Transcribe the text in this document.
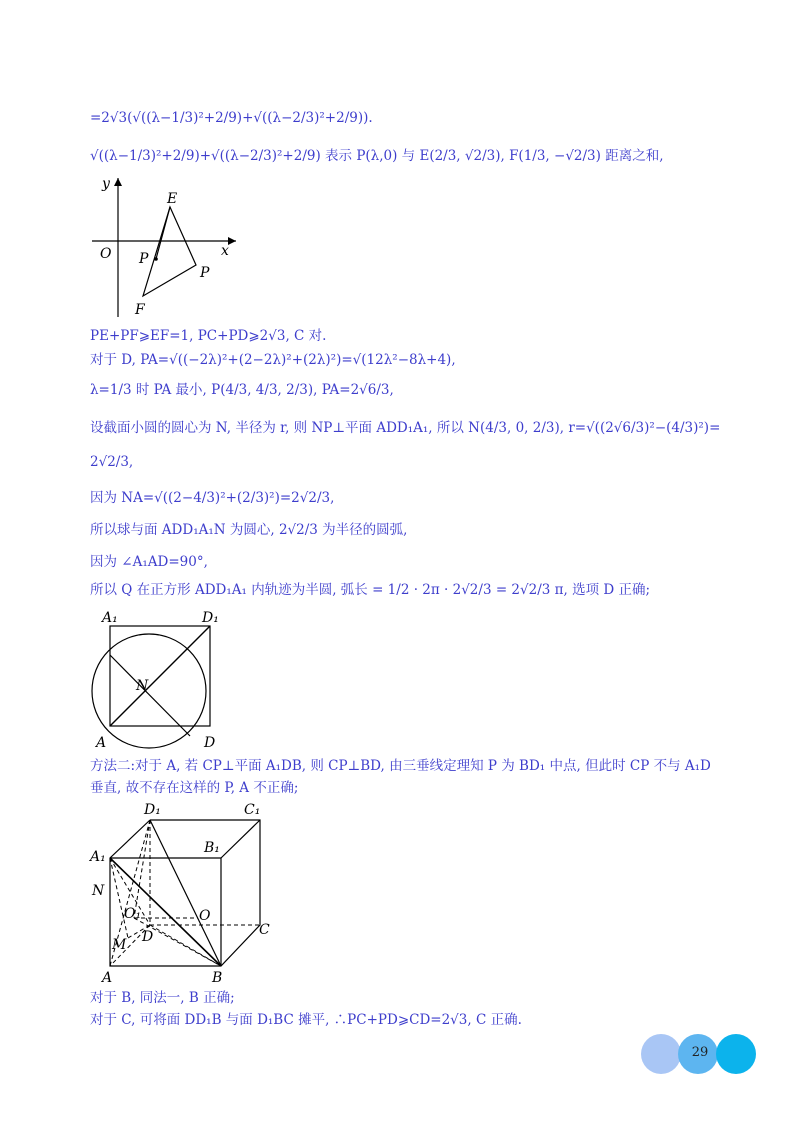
=2√3(√((λ−1/3)²+2/9)+√((λ−2/3)²+2/9)).
√((λ−1/3)²+2/9)+√((λ−2/3)²+2/9) 表示 P(λ,0) 与 E(2/3, √2/3), F(1/3, −√2/3) 距离之和,
y
O	x
E
P
P
F
PE+PF⩾EF=1, PC+PD⩾2√3, C 对.
对于 D, PA=√((−2λ)²+(2−2λ)²+(2λ)²)=√(12λ²−8λ+4),
λ=1/3 时 PA 最小, P(4/3, 4/3, 2/3), PA=2√6/3,
设截面小圆的圆心为 N, 半径为 r, 则 NP⊥平面 ADD₁A₁, 所以 N(4/3, 0, 2/3), r=√((2√6/3)²−(4/3)²)=
2√2/3,
因为 NA=√((2−4/3)²+(2/3)²)=2√2/3,
所以球与面 ADD₁A₁N 为圆心, 2√2/3 为半径的圆弧,
因为 ∠A₁AD=90°,
所以 Q 在正方形 ADD₁A₁ 内轨迹为半圆, 弧长 = 1/2 · 2π · 2√2/3 = 2√2/3 π, 选项 D 正确;
A₁	D₁
N
A	D
方法二:对于 A, 若 CP⊥平面 A₁DB, 则 CP⊥BD, 由三垂线定理知 P 为 BD₁ 中点, 但此时 CP 不与 A₁D
垂直, 故不存在这样的 P, A 不正确;
D₁	C₁
A₁
B₁
N
O₁	O
C
M D
A	B
对于 B, 同法一, B 正确;
对于 C, 可将面 DD₁B 与面 D₁BC 摊平, ∴PC+PD⩾CD=2√3, C 正确.
29
